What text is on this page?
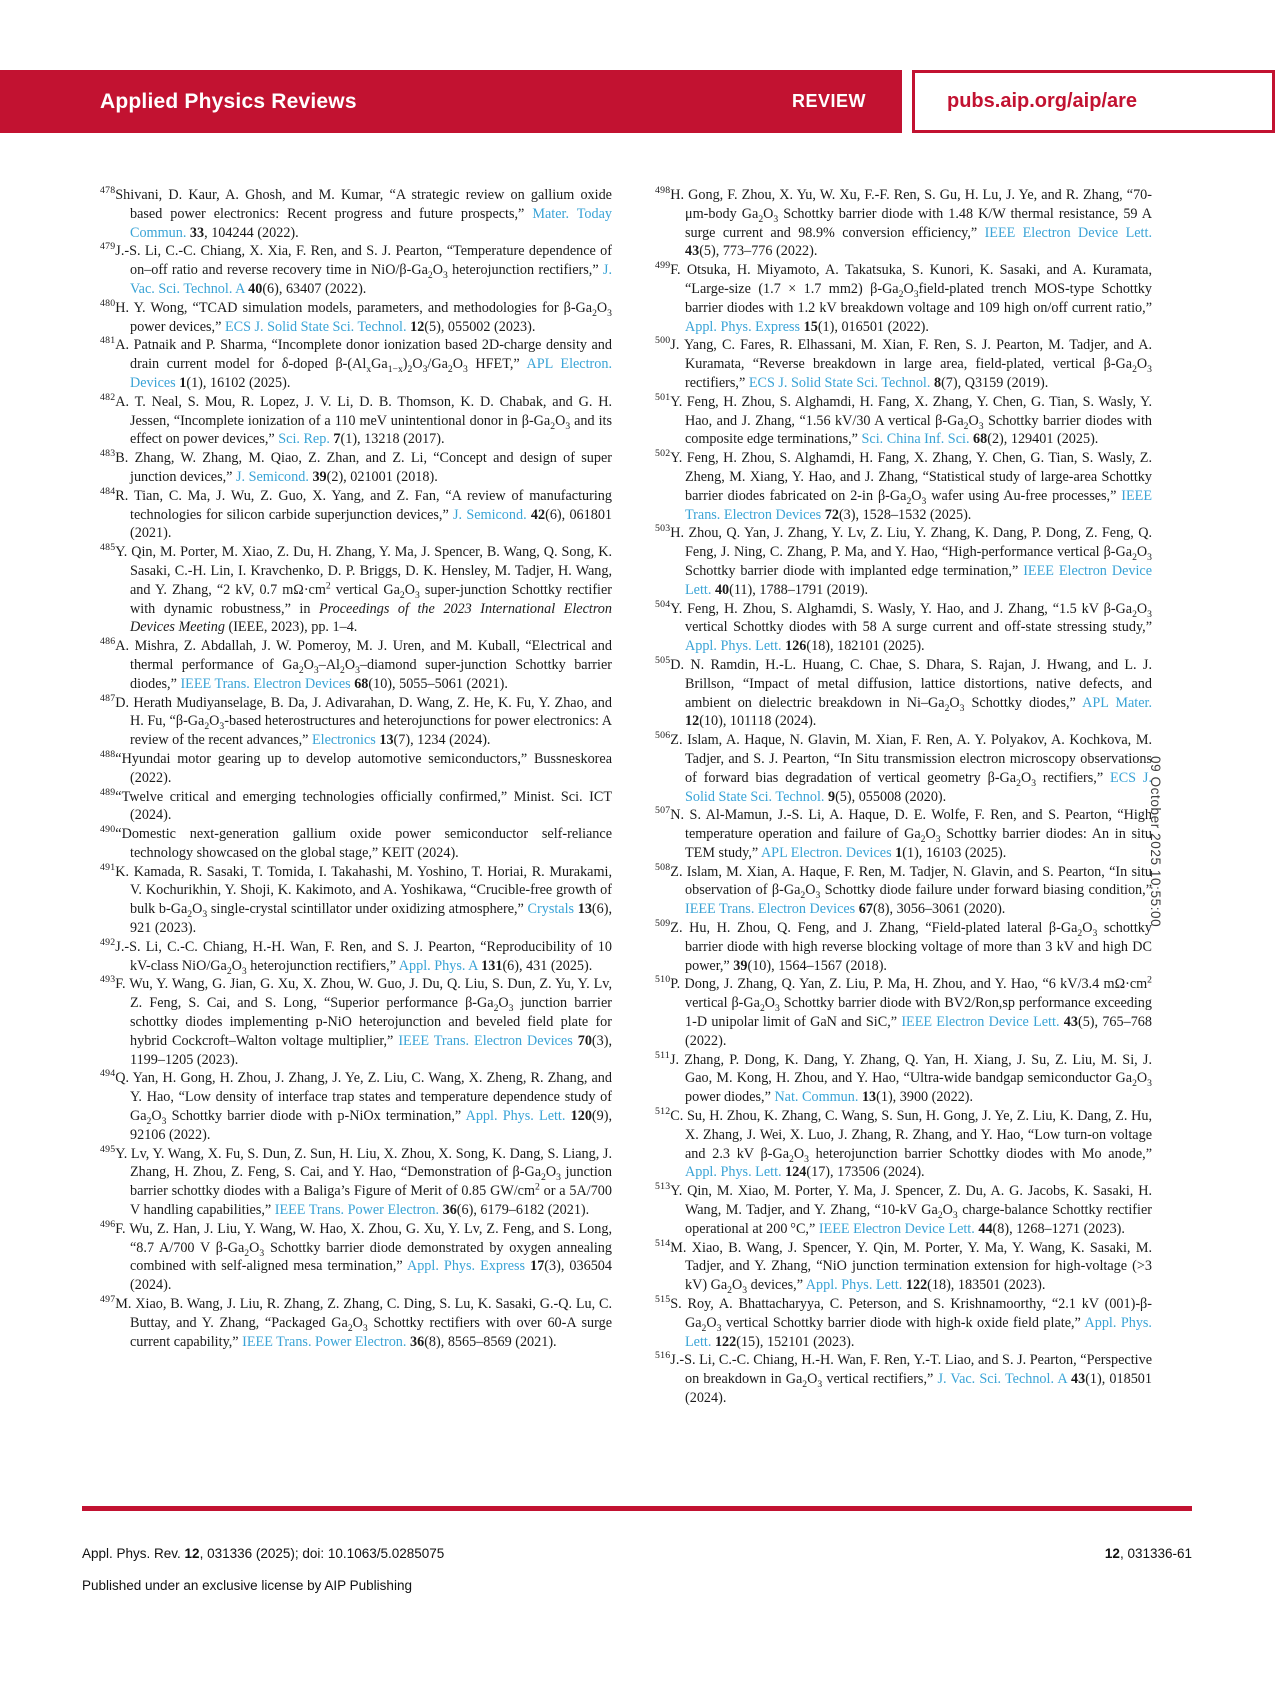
Applied Physics Reviews	REVIEW	pubs.aip.org/aip/are
$^{478}$Shivani, D. Kaur, A. Ghosh, and M. Kumar, “A strategic review on gallium oxide based power electronics: Recent progress and future prospects,” Mater. Today Commun. 33, 104244 (2022).
$^{479}$J.-S. Li, C.-C. Chiang, X. Xia, F. Ren, and S. J. Pearton, “Temperature dependence of on–off ratio and reverse recovery time in NiO/$\beta-Ga_2O_3$ heterojunction rectifiers,” J. Vac. Sci. Technol. A 40(6), 63407 (2022).
$^{480}$H. Y. Wong, “TCAD simulation models, parameters, and methodologies for $\beta-Ga_2O_3$ power devices,” ECS J. Solid State Sci. Technol. 12(5), 055002 (2023).
$^{481}$A. Patnaik and P. Sharma, “Incomplete donor ionization based 2D-charge density and drain current model for δ-doped $\beta-(Al_xGa_{1-x})_2O_3/Ga_2O_3$ HFET,” APL Electron. Devices 1(1), 16102 (2025).
$^{482}$A. T. Neal, S. Mou, R. Lopez, J. V. Li, D. B. Thomson, K. D. Chabak, and G. H. Jessen, “Incomplete ionization of a 110 meV unintentional donor in $\beta-Ga_2O_3$ and its effect on power devices,” Sci. Rep. 7(1), 13218 (2017).
$^{483}$B. Zhang, W. Zhang, M. Qiao, Z. Zhan, and Z. Li, “Concept and design of super junction devices,” J. Semicond. 39(2), 021001 (2018).
$^{484}$R. Tian, C. Ma, J. Wu, Z. Guo, X. Yang, and Z. Fan, “A review of manufacturing technologies for silicon carbide superjunction devices,” J. Semicond. 42(6), 061801 (2021).
$^{485}$Y. Qin, M. Porter, M. Xiao, Z. Du, H. Zhang, Y. Ma, J. Spencer, B. Wang, Q. Song, K. Sasaki, C.-H. Lin, I. Kravchenko, D. P. Briggs, D. K. Hensley, M. Tadjer, H. Wang, and Y. Zhang, “2 kV, 0.7 $m\Omega\cdot cm^2$ vertical $Ga_2O_3$ super-junction Schottky rectifier with dynamic robustness,” in Proceedings of the 2023 International Electron Devices Meeting (IEEE, 2023), pp. 1–4.
$^{486}$A. Mishra, Z. Abdallah, J. W. Pomeroy, M. J. Uren, and M. Kuball, “Electrical and thermal performance of $Ga_2O_3-Al_2O_3$–diamond super-junction Schottky barrier diodes,” IEEE Trans. Electron Devices 68(10), 5055–5061 (2021).
$^{487}$D. Herath Mudiyanselage, B. Da, J. Adivarahan, D. Wang, Z. He, K. Fu, Y. Zhao, and H. Fu, “$\beta-Ga_2O_3$-based heterostructures and heterojunctions for power electronics: A review of the recent advances,” Electronics 13(7), 1234 (2024).
$^{488}$“Hyundai motor gearing up to develop automotive semiconductors,” Bussneskorea (2022).
$^{489}$“Twelve critical and emerging technologies officially confirmed,” Minist. Sci. ICT (2024).
$^{490}$“Domestic next-generation gallium oxide power semiconductor self-reliance technology showcased on the global stage,” KEIT (2024).
$^{491}$K. Kamada, R. Sasaki, T. Tomida, I. Takahashi, M. Yoshino, T. Horiai, R. Murakami, V. Kochurikhin, Y. Shoji, K. Kakimoto, and A. Yoshikawa, “Crucible-free growth of bulk $b-Ga_2O_3$ single-crystal scintillator under oxidizing atmosphere,” Crystals 13(6), 921 (2023).
$^{492}$J.-S. Li, C.-C. Chiang, H.-H. Wan, F. Ren, and S. J. Pearton, “Reproducibility of 10 kV-class NiO/$Ga_2O_3$ heterojunction rectifiers,” Appl. Phys. A 131(6), 431 (2025).
$^{493}$F. Wu, Y. Wang, G. Jian, G. Xu, X. Zhou, W. Guo, J. Du, Q. Liu, S. Dun, Z. Yu, Y. Lv, Z. Feng, S. Cai, and S. Long, “Superior performance $\beta-Ga_2O_3$ junction barrier schottky diodes implementing p-NiO heterojunction and beveled field plate for hybrid Cockcroft–Walton voltage multiplier,” IEEE Trans. Electron Devices 70(3), 1199–1205 (2023).
$^{494}$Q. Yan, H. Gong, H. Zhou, J. Zhang, J. Ye, Z. Liu, C. Wang, X. Zheng, R. Zhang, and Y. Hao, “Low density of interface trap states and temperature dependence study of $Ga_2O_3$ Schottky barrier diode with p-NiOx termination,” Appl. Phys. Lett. 120(9), 92106 (2022).
$^{495}$Y. Lv, Y. Wang, X. Fu, S. Dun, Z. Sun, H. Liu, X. Zhou, X. Song, K. Dang, S. Liang, J. Zhang, H. Zhou, Z. Feng, S. Cai, and Y. Hao, “Demonstration of $\beta-Ga_2O_3$ junction barrier schottky diodes with a Baliga’s Figure of Merit of 0.85 $GW/cm^2$ or a 5A/700 V handling capabilities,” IEEE Trans. Power Electron. 36(6), 6179–6182 (2021).
$^{496}$F. Wu, Z. Han, J. Liu, Y. Wang, W. Hao, X. Zhou, G. Xu, Y. Lv, Z. Feng, and S. Long, “8.7 A/700 V $\beta-Ga_2O_3$ Schottky barrier diode demonstrated by oxygen annealing combined with self-aligned mesa termination,” Appl. Phys. Express 17(3), 036504 (2024).
$^{497}$M. Xiao, B. Wang, J. Liu, R. Zhang, Z. Zhang, C. Ding, S. Lu, K. Sasaki, G.-Q. Lu, C. Buttay, and Y. Zhang, “Packaged $Ga_2O_3$ Schottky rectifiers with over 60-A surge current capability,” IEEE Trans. Power Electron. 36(8), 8565–8569 (2021).
$^{498}$H. Gong, F. Zhou, X. Yu, W. Xu, F.-F. Ren, S. Gu, H. Lu, J. Ye, and R. Zhang, “70-μm-body $Ga_2O_3$ Schottky barrier diode with 1.48 K/W thermal resistance, 59 A surge current and 98.9% conversion efficiency,” IEEE Electron Device Lett. 43(5), 773–776 (2022).
$^{499}$F. Otsuka, H. Miyamoto, A. Takatsuka, S. Kunori, K. Sasaki, and A. Kuramata, “Large-size (1.7 × 1.7 mm2) $\beta-Ga_2O_3field$-plated trench MOS-type Schottky barrier diodes with 1.2 kV breakdown voltage and 109 high on/off current ratio,” Appl. Phys. Express 15(1), 016501 (2022).
$^{500}$J. Yang, C. Fares, R. Elhassani, M. Xian, F. Ren, S. J. Pearton, M. Tadjer, and A. Kuramata, “Reverse breakdown in large area, field-plated, vertical $\beta-Ga_2O_3$ rectifiers,” ECS J. Solid State Sci. Technol. 8(7), Q3159 (2019).
$^{501}$Y. Feng, H. Zhou, S. Alghamdi, H. Fang, X. Zhang, Y. Chen, G. Tian, S. Wasly, Y. Hao, and J. Zhang, “1.56 kV/30 A vertical $\beta-Ga_2O_3$ Schottky barrier diodes with composite edge terminations,” Sci. China Inf. Sci. 68(2), 129401 (2025).
$^{502}$Y. Feng, H. Zhou, S. Alghamdi, H. Fang, X. Zhang, Y. Chen, G. Tian, S. Wasly, Z. Zheng, M. Xiang, Y. Hao, and J. Zhang, “Statistical study of large-area Schottky barrier diodes fabricated on 2-in $\beta-Ga_2O_3$ wafer using Au-free processes,” IEEE Trans. Electron Devices 72(3), 1528–1532 (2025).
$^{503}$H. Zhou, Q. Yan, J. Zhang, Y. Lv, Z. Liu, Y. Zhang, K. Dang, P. Dong, Z. Feng, Q. Feng, J. Ning, C. Zhang, P. Ma, and Y. Hao, “High-performance vertical $\beta-Ga_2O_3$ Schottky barrier diode with implanted edge termination,” IEEE Electron Device Lett. 40(11), 1788–1791 (2019).
$^{504}$Y. Feng, H. Zhou, S. Alghamdi, S. Wasly, Y. Hao, and J. Zhang, “1.5 kV $\beta-Ga_2O_3$ vertical Schottky diodes with 58 A surge current and off-state stressing study,” Appl. Phys. Lett. 126(18), 182101 (2025).
$^{505}$D. N. Ramdin, H.-L. Huang, C. Chae, S. Dhara, S. Rajan, J. Hwang, and L. J. Brillson, “Impact of metal diffusion, lattice distortions, native defects, and ambient on dielectric breakdown in $Ni-Ga_2O_3$ Schottky diodes,” APL Mater. 12(10), 101118 (2024).
$^{506}$Z. Islam, A. Haque, N. Glavin, M. Xian, F. Ren, A. Y. Polyakov, A. Kochkova, M. Tadjer, and S. J. Pearton, “In Situ transmission electron microscopy observations of forward bias degradation of vertical geometry $\beta-Ga_2O_3$ rectifiers,” ECS J. Solid State Sci. Technol. 9(5), 055008 (2020).
$^{507}$N. S. Al-Mamun, J.-S. Li, A. Haque, D. E. Wolfe, F. Ren, and S. Pearton, “High temperature operation and failure of $Ga_2O_3$ Schottky barrier diodes: An in situ TEM study,” APL Electron. Devices 1(1), 16103 (2025).
$^{508}$Z. Islam, M. Xian, A. Haque, F. Ren, M. Tadjer, N. Glavin, and S. Pearton, “In situ observation of $\beta-Ga_2O_3$ Schottky diode failure under forward biasing condition,” IEEE Trans. Electron Devices 67(8), 3056–3061 (2020).
$^{509}$Z. Hu, H. Zhou, Q. Feng, and J. Zhang, “Field-plated lateral $\beta-Ga_2O_3$ schottky barrier diode with high reverse blocking voltage of more than 3 kV and high DC power,” 39(10), 1564–1567 (2018).
$^{510}$P. Dong, J. Zhang, Q. Yan, Z. Liu, P. Ma, H. Zhou, and Y. Hao, “6 kV/3.4 $m\Omega\cdot cm^2$ vertical $\beta-Ga_2O_3$ Schottky barrier diode with BV2/Ron,sp performance exceeding 1-D unipolar limit of GaN and SiC,” IEEE Electron Device Lett. 43(5), 765–768 (2022).
$^{511}$J. Zhang, P. Dong, K. Dang, Y. Zhang, Q. Yan, H. Xiang, J. Su, Z. Liu, M. Si, J. Gao, M. Kong, H. Zhou, and Y. Hao, “Ultra-wide bandgap semiconductor $Ga_2O_3$ power diodes,” Nat. Commun. 13(1), 3900 (2022).
$^{512}$C. Su, H. Zhou, K. Zhang, C. Wang, S. Sun, H. Gong, J. Ye, Z. Liu, K. Dang, Z. Hu, X. Zhang, J. Wei, X. Luo, J. Zhang, R. Zhang, and Y. Hao, “Low turn-on voltage and 2.3 kV $\beta-Ga_2O_3$ heterojunction barrier Schottky diodes with Mo anode,” Appl. Phys. Lett. 124(17), 173506 (2024).
$^{513}$Y. Qin, M. Xiao, M. Porter, Y. Ma, J. Spencer, Z. Du, A. G. Jacobs, K. Sasaki, H. Wang, M. Tadjer, and Y. Zhang, “10-kV $Ga_2O_3$ charge-balance Schottky rectifier operational at 200 °C,” IEEE Electron Device Lett. 44(8), 1268–1271 (2023).
$^{514}$M. Xiao, B. Wang, J. Spencer, Y. Qin, M. Porter, Y. Ma, Y. Wang, K. Sasaki, M. Tadjer, and Y. Zhang, “NiO junction termination extension for high-voltage (>3 kV) $Ga_2O_3$ devices,” Appl. Phys. Lett. 122(18), 183501 (2023).
$^{515}$S. Roy, A. Bhattacharyya, C. Peterson, and S. Krishnamoorthy, “2.1 kV $(001)-\beta-Ga_2O_3$ vertical Schottky barrier diode with high-k oxide field plate,” Appl. Phys. Lett. 122(15), 152101 (2023).
$^{516}$J.-S. Li, C.-C. Chiang, H.-H. Wan, F. Ren, Y.-T. Liao, and S. J. Pearton, “Perspective on breakdown in $Ga_2O_3$ vertical rectifiers,” J. Vac. Sci. Technol. A 43(1), 018501 (2024).
09 October 2025 10:55:00
Appl. Phys. Rev. 12, 031336 (2025); doi: 10.1063/5.0285075	12, 031336-61
Published under an exclusive license by AIP Publishing
